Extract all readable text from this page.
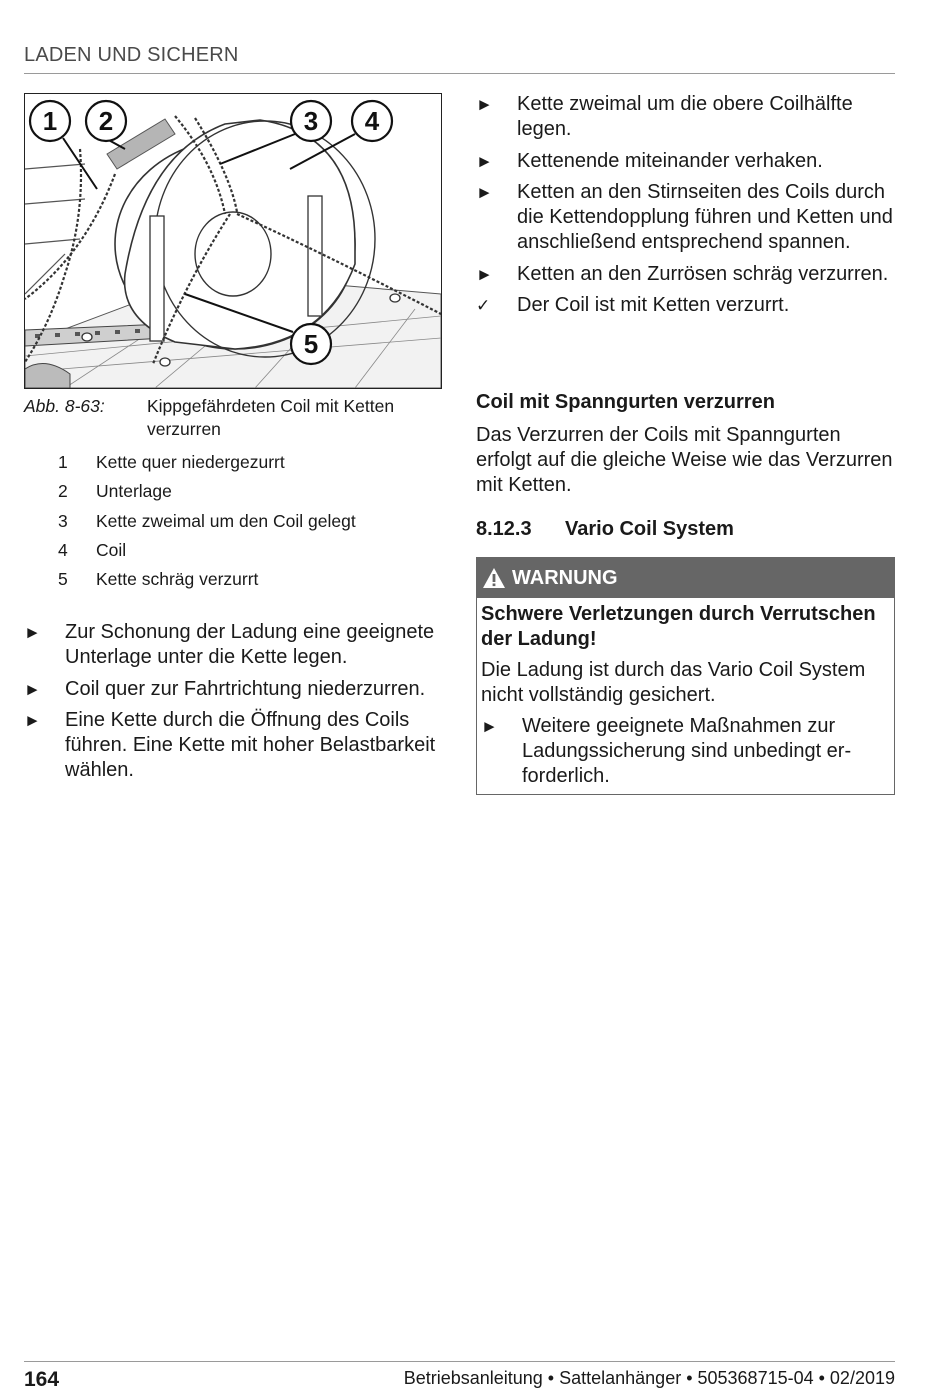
LADEN UND SICHERN
1 2	3 4
5
Abb. 8-63: Kippgefährdeten Coil mit Ketten verzurren
1 Kette quer niedergezurrt
2 Unterlage
3 Kette zweimal um den Coil gelegt
4 Coil
5 Kette schräg verzurrt
► Zur Schonung der Ladung eine geeignete Unterlage unter die Kette legen.
► Coil quer zur Fahrtrichtung niederzurren.
► Eine Kette durch die Öffnung des Coils führen. Eine Kette mit hoher Belastbarkeit wählen.
► Kette zweimal um die obere Coilhälfte legen.
► Kettenende miteinander verhaken.
► Ketten an den Stirnseiten des Coils durch die Kettendopplung führen und Ketten und anschließend entsprechend spannen.
► Ketten an den Zurrösen schräg verzurren.
✓ Der Coil ist mit Ketten verzurrt.
Coil mit Spanngurten verzurren
Das Verzurren der Coils mit Spanngurten erfolgt auf die gleiche Weise wie das Verzurren mit Ketten.
8.12.3 Vario Coil System
WARNUNG
Schwere Verletzungen durch Verrutschen der Ladung!
Die Ladung ist durch das Vario Coil System nicht vollständig gesichert.
► Weitere geeignete Maßnahmen zur Ladungssicherung sind unbedingt erforderlich.
164	Betriebsanleitung • Sattelanhänger • 505368715-04 • 02/2019
